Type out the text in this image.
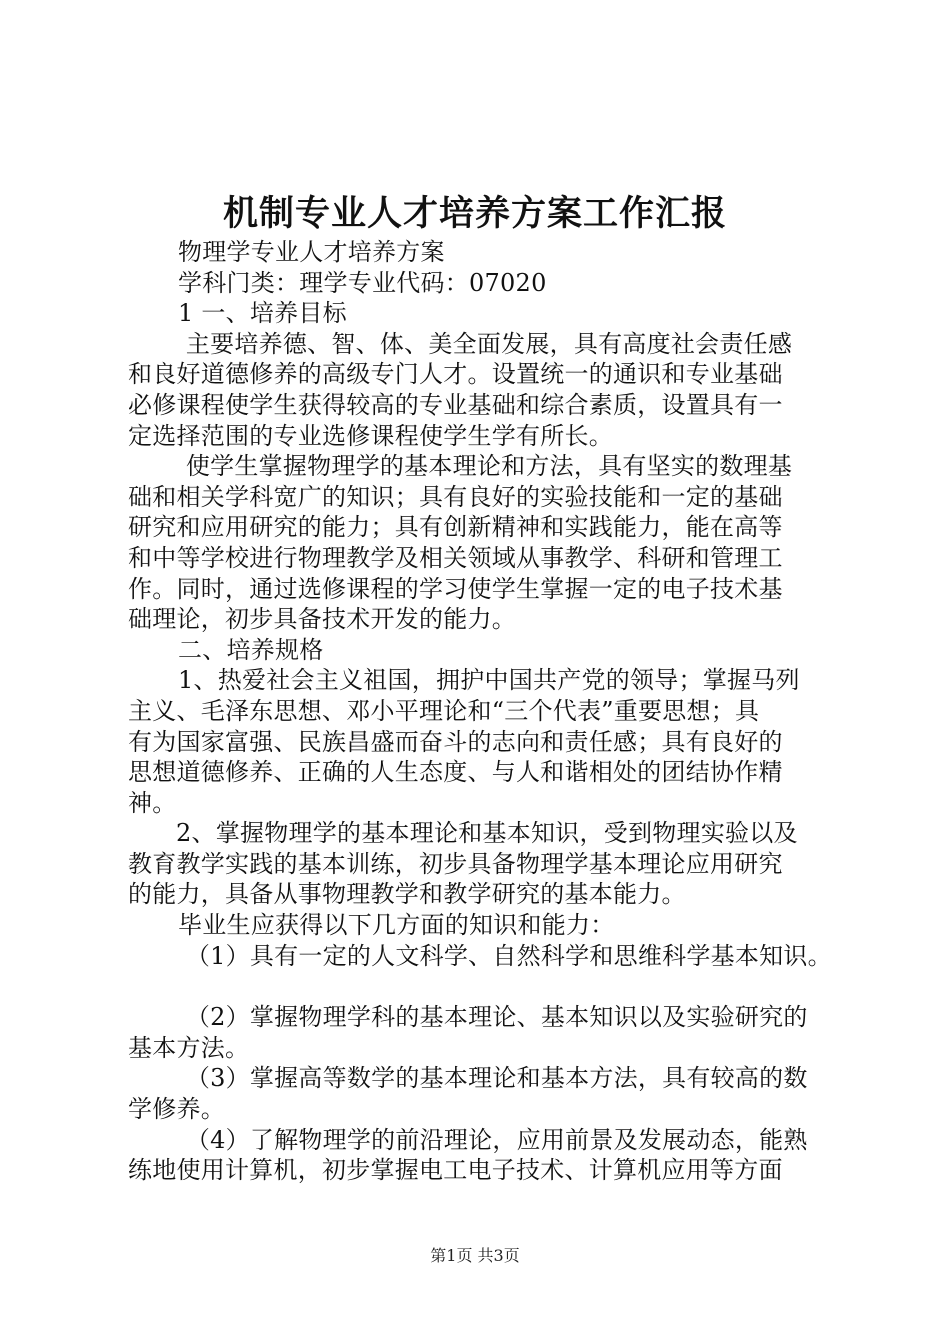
机制专业人才培养方案工作汇报
物理学专业人才培养方案
学科门类：理学专业代码：07020
1 一、培养目标
主要培养德、智、体、美全面发展，具有高度社会责任感
和良好道德修养的高级专门人才。设置统一的通识和专业基础
必修课程使学生获得较高的专业基础和综合素质，设置具有一
定选择范围的专业选修课程使学生学有所长。
使学生掌握物理学的基本理论和方法，具有坚实的数理基
础和相关学科宽广的知识；具有良好的实验技能和一定的基础
研究和应用研究的能力；具有创新精神和实践能力，能在高等
和中等学校进行物理教学及相关领域从事教学、科研和管理工
作。同时，通过选修课程的学习使学生掌握一定的电子技术基
础理论，初步具备技术开发的能力。
二、培养规格
1、热爱社会主义祖国，拥护中国共产党的领导；掌握马列
主义、毛泽东思想、邓小平理论和“三个代表”重要思想；具
有为国家富强、民族昌盛而奋斗的志向和责任感；具有良好的
思想道德修养、正确的人生态度、与人和谐相处的团结协作精
神。
2、掌握物理学的基本理论和基本知识，受到物理实验以及
教育教学实践的基本训练，初步具备物理学基本理论应用研究
的能力，具备从事物理教学和教学研究的基本能力。
毕业生应获得以下几方面的知识和能力：
（1）具有一定的人文科学、自然科学和思维科学基本知识。
（2）掌握物理学科的基本理论、基本知识以及实验研究的
基本方法。
（3）掌握高等数学的基本理论和基本方法，具有较高的数
学修养。
（4）了解物理学的前沿理论，应用前景及发展动态，能熟
练地使用计算机，初步掌握电工电子技术、计算机应用等方面
第1页 共3页
